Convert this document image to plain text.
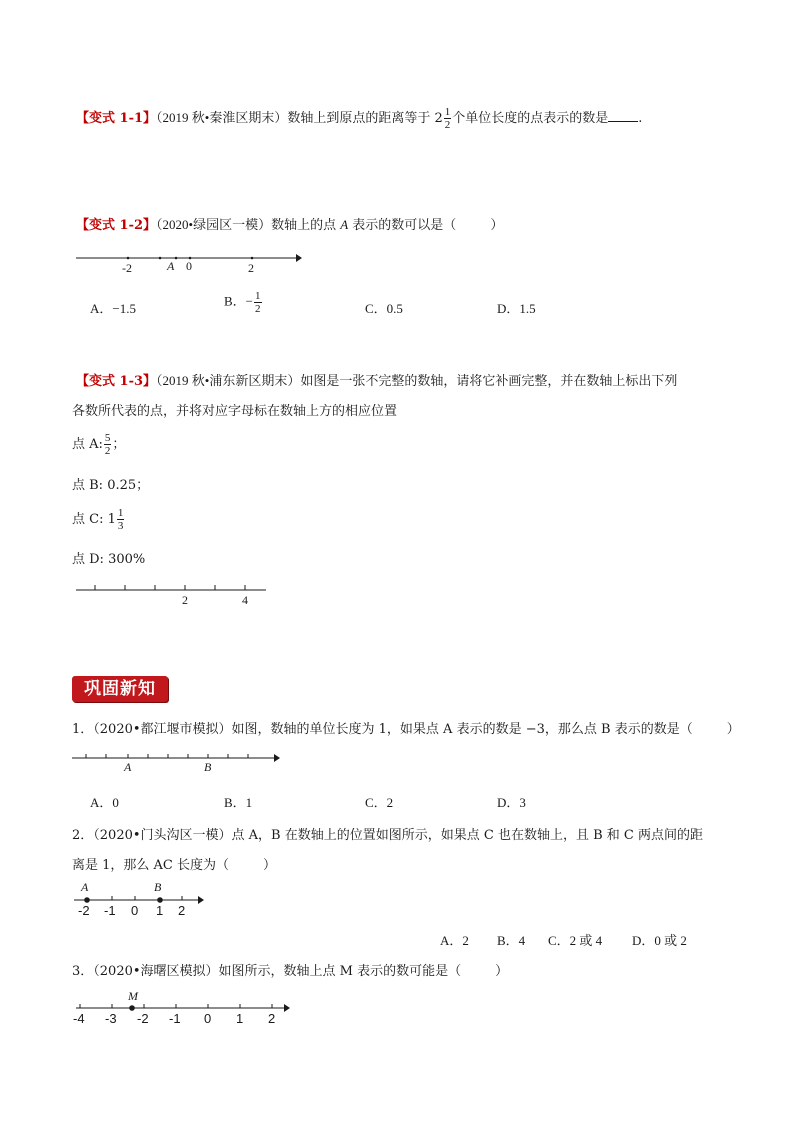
【变式 1-1】（2019 秋•秦淮区期末）数轴上到原点的距离等于 $2 \frac{1}{2}$ 个单位长度的点表示的数是 .
【变式 1-2】（2020•绿园区一模）数轴上的点 A 表示的数可以是（	）
-2	A 0	2
A．−1.5
B．− $\frac{1}{2}$	C．0.5	D．1.5
【变式 1-3】（2019 秋•浦东新区期末）如图是一张不完整的数轴，请将它补画完整，并在数轴上标出下列
各数所代表的点，并将对应字母标在数轴上方的相应位置
点 A: $\frac{5}{2}$ ；
点 B: 0.25；
点 C: $1 \frac{1}{3}$
点 D: 300%
2	4
巩固新知
1．（2020•都江堰市模拟）如图，数轴的单位长度为 1，如果点 A 表示的数是 −3，那么点 B 表示的数是（	）
A	B
A．0	B．1	C．2	D．3
2．（2020•门头沟区一模）点 A，B 在数轴上的位置如图所示，如果点 C 也在数轴上，且 B 和 C 两点间的距
离是 1，那么 AC 长度为（	）
A	B
-2 -1 0 1 2
A．2 B．4 C．2 或 4 D．0 或 2
3．（2020•海曙区模拟）如图所示，数轴上点 M 表示的数可能是（	）
M
-4 -3 -2 -1 0 1 2
